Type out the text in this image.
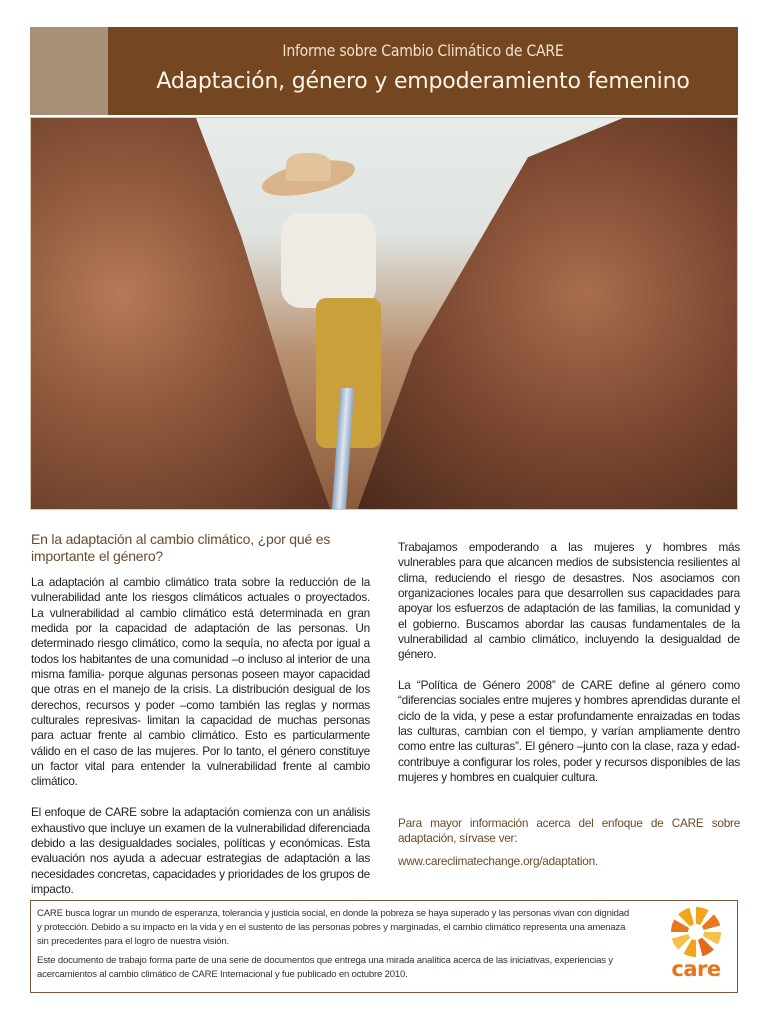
Informe sobre Cambio Climático de CARE
Adaptación, género y empoderamiento femenino
En la adaptación al cambio climático, ¿por qué es importante el género?

La adaptación al cambio climático trata sobre la reducción de la vulnerabilidad ante los riesgos climáticos actuales o proyectados. La vulnerabilidad al cambio climático está determinada en gran medida por la capacidad de adaptación de las personas. Un determinado riesgo climático, como la sequía, no afecta por igual a todos los habitantes de una comunidad –o incluso al interior de una misma familia- porque algunas personas poseen mayor capacidad que otras en el manejo de la crisis. La distribución desigual de los derechos, recursos y poder –como también las reglas y normas culturales represivas- limitan la capacidad de muchas personas para actuar frente al cambio climático. Esto es particularmente válido en el caso de las mujeres. Por lo tanto, el género constituye un factor vital para entender la vulnerabilidad frente al cambio climático.

El enfoque de CARE sobre la adaptación comienza con un análisis exhaustivo que incluye un examen de la vulnerabilidad diferenciada debido a las desigualdades sociales, políticas y económicas. Esta evaluación nos ayuda a adecuar estrategias de adaptación a las necesidades concretas, capacidades y prioridades de los grupos de impacto.

Trabajamos empoderando a las mujeres y hombres más vulnerables para que alcancen medios de subsistencia resilientes al clima, reduciendo el riesgo de desastres. Nos asociamos con organizaciones locales para que desarrollen sus capacidades para apoyar los esfuerzos de adaptación de las familias, la comunidad y el gobierno. Buscamos abordar las causas fundamentales de la vulnerabilidad al cambio climático, incluyendo la desigualdad de género.

La “Política de Género 2008” de CARE define al género como “diferencias sociales entre mujeres y hombres aprendidas durante el ciclo de la vida, y pese a estar profundamente enraizadas en todas las culturas, cambian con el tiempo, y varían ampliamente dentro como entre las culturas”. El género –junto con la clase, raza y edad- contribuye a configurar los roles, poder y recursos disponibles de las mujeres y hombres en cualquier cultura.

Para mayor información acerca del enfoque de CARE sobre adaptación, sírvase ver:

www.careclimatechange.org/adaptation.

CARE busca lograr un mundo de esperanza, tolerancia y justicia social, en donde la pobreza se haya superado y las personas vivan con dignidad y protección. Debido a su impacto en la vida y en el sustento de las personas pobres y marginadas, el cambio climático representa una amenaza sin precedentes para el logro de nuestra visión.

Este documento de trabajo forma parte de una serie de documentos que entrega una mirada analítica acerca de las iniciativas, experiencias y acercamientos al cambio climático de CARE Internacional y fue publicado en octubre 2010.	care
